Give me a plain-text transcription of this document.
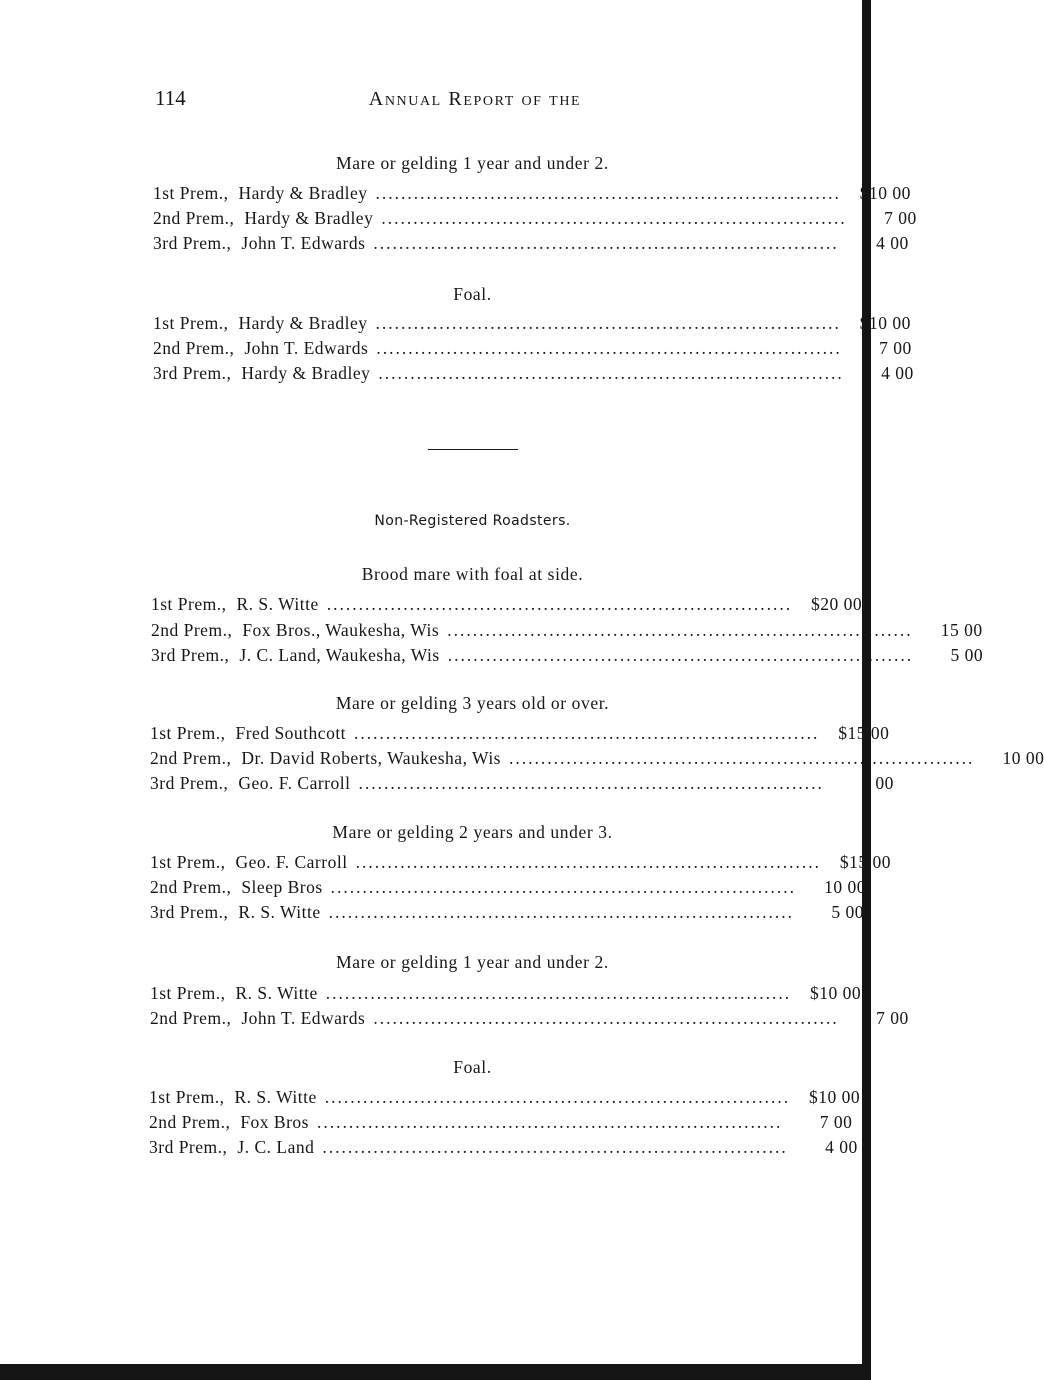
114	Annual Report of the
Mare or gelding 1 year and under 2.
1st Prem., Hardy & Bradley .........................................................................	$10 00
2nd Prem., Hardy & Bradley .........................................................................	7 00
3rd Prem., John T. Edwards .........................................................................	4 00
Foal.
1st Prem., Hardy & Bradley .........................................................................	$10 00
2nd Prem., John T. Edwards .........................................................................	7 00
3rd Prem., Hardy & Bradley .........................................................................	4 00
Non-Registered Roadsters.
Brood mare with foal at side.
1st Prem., R. S. Witte .........................................................................	$20 00
2nd Prem., Fox Bros., Waukesha, Wis .........................................................................	15 00
3rd Prem., J. C. Land, Waukesha, Wis .........................................................................	5 00
Mare or gelding 3 years old or over.
1st Prem., Fred Southcott .........................................................................	$15 00
2nd Prem., Dr. David Roberts, Waukesha, Wis .........................................................................	10 00
3rd Prem., Geo. F. Carroll .........................................................................	5 00
Mare or gelding 2 years and under 3.
1st Prem., Geo. F. Carroll .........................................................................	$15 00
2nd Prem., Sleep Bros .........................................................................	10 00
3rd Prem., R. S. Witte .........................................................................	5 00
Mare or gelding 1 year and under 2.
1st Prem., R. S. Witte .........................................................................	$10 00
2nd Prem., John T. Edwards .........................................................................	7 00
Foal.
1st Prem., R. S. Witte .........................................................................	$10 00
2nd Prem., Fox Bros .........................................................................	7 00
3rd Prem., J. C. Land .........................................................................	4 00
